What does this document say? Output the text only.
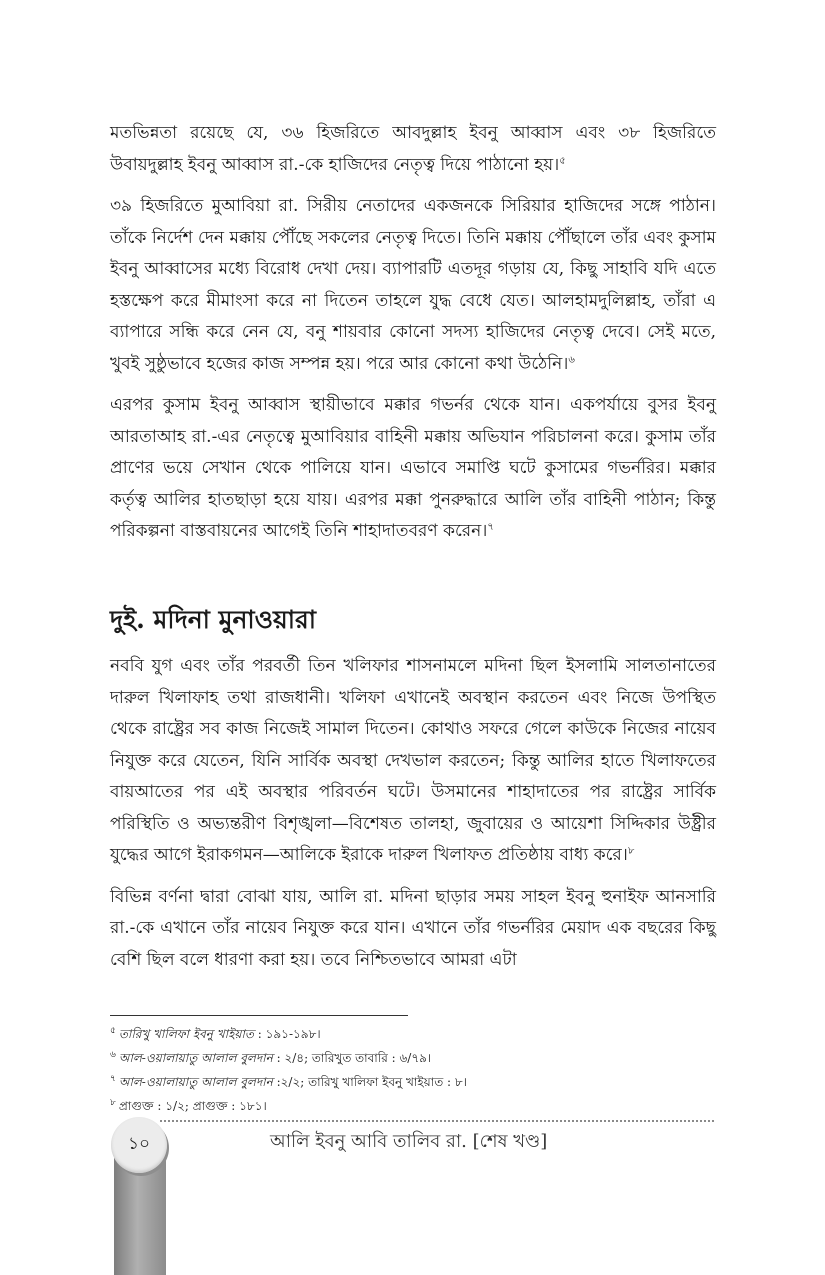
মতভিন্নতা রয়েছে যে, ৩৬ হিজরিতে আবদুল্লাহ ইবনু আব্বাস এবং ৩৮ হিজরিতে উবায়দুল্লাহ ইবনু আব্বাস রা.-কে হাজিদের নেতৃত্ব দিয়ে পাঠানো হয়।$^৫$

৩৯ হিজরিতে মুআবিয়া রা. সিরীয় নেতাদের একজনকে সিরিয়ার হাজিদের সঙ্গে পাঠান। তাঁকে নির্দেশ দেন মক্কায় পৌঁছে সকলের নেতৃত্ব দিতে। তিনি মক্কায় পৌঁছালে তাঁর এবং কুসাম ইবনু আব্বাসের মধ্যে বিরোধ দেখা দেয়। ব্যাপারটি এতদূর গড়ায় যে, কিছু সাহাবি যদি এতে হস্তক্ষেপ করে মীমাংসা করে না দিতেন তাহলে যুদ্ধ বেধে যেত। আলহামদুলিল্লাহ, তাঁরা এ ব্যাপারে সন্ধি করে নেন যে, বনু শায়বার কোনো সদস্য হাজিদের নেতৃত্ব দেবে। সেই মতে, খুবই সুষ্ঠুভাবে হজের কাজ সম্পন্ন হয়। পরে আর কোনো কথা উঠেনি।$^৬$

এরপর কুসাম ইবনু আব্বাস স্থায়ীভাবে মক্কার গভর্নর থেকে যান। একপর্যায়ে বুসর ইবনু আরতাআহ রা.-এর নেতৃত্বে মুআবিয়ার বাহিনী মক্কায় অভিযান পরিচালনা করে। কুসাম তাঁর প্রাণের ভয়ে সেখান থেকে পালিয়ে যান। এভাবে সমাপ্তি ঘটে কুসামের গভর্নরির। মক্কার কর্তৃত্ব আলির হাতছাড়া হয়ে যায়। এরপর মক্কা পুনরুদ্ধারে আলি তাঁর বাহিনী পাঠান; কিন্তু পরিকল্পনা বাস্তবায়নের আগেই তিনি শাহাদাতবরণ করেন।$^৭$

দুই. মদিনা মুনাওয়ারা

নববি যুগ এবং তাঁর পরবর্তী তিন খলিফার শাসনামলে মদিনা ছিল ইসলামি সালতানাতের দারুল খিলাফাহ তথা রাজধানী। খলিফা এখানেই অবস্থান করতেন এবং নিজে উপস্থিত থেকে রাষ্ট্রের সব কাজ নিজেই সামাল দিতেন। কোথাও সফরে গেলে কাউকে নিজের নায়েব নিযুক্ত করে যেতেন, যিনি সার্বিক অবস্থা দেখভাল করতেন; কিন্তু আলির হাতে খিলাফতের বায়আতের পর এই অবস্থার পরিবর্তন ঘটে। উসমানের শাহাদাতের পর রাষ্ট্রের সার্বিক পরিস্থিতি ও অভ্যন্তরীণ বিশৃঙ্খলা—বিশেষত তালহা, জুবায়ের ও আয়েশা সিদ্দিকার উষ্ট্রীর যুদ্ধের আগে ইরাকগমন—আলিকে ইরাকে দারুল খিলাফত প্রতিষ্ঠায় বাধ্য করে।$^৮$

বিভিন্ন বর্ণনা দ্বারা বোঝা যায়, আলি রা. মদিনা ছাড়ার সময় সাহল ইবনু হুনাইফ আনসারি রা.-কে এখানে তাঁর নায়েব নিযুক্ত করে যান। এখানে তাঁর গভর্নরির মেয়াদ এক বছরের কিছু বেশি ছিল বলে ধারণা করা হয়। তবে নিশ্চিতভাবে আমরা এটা

$^৫$ তারিখু খালিফা ইবনু খাইয়াত : ১৯১-১৯৮।

$^৬$ আল-ওয়ালায়াতু আলাল বুলদান : ২/৪; তারিখুত তাবারি : ৬/৭৯।

$^৭$ আল-ওয়ালায়াতু আলাল বুলদান :২/২; তারিখু খালিফা ইবনু খাইয়াত : ৮।

$^৮$ প্রাগুক্ত : ১/২; প্রাগুক্ত : ১৮১।

১০	আলি ইবনু আবি তালিব রা. [শেষ খণ্ড]
